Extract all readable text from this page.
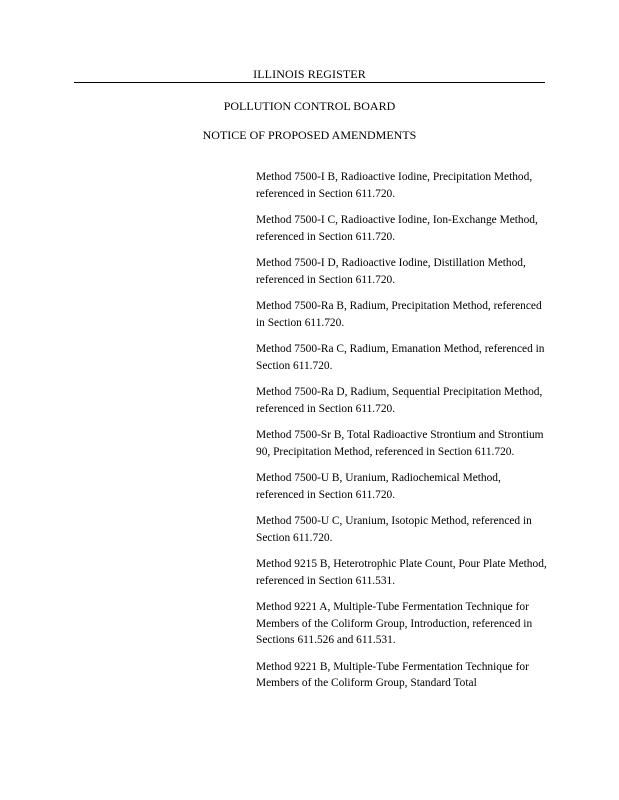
ILLINOIS REGISTER
POLLUTION CONTROL BOARD
NOTICE OF PROPOSED AMENDMENTS
Method 7500-I B, Radioactive Iodine, Precipitation Method, referenced in Section 611.720.
Method 7500-I C, Radioactive Iodine, Ion-Exchange Method, referenced in Section 611.720.
Method 7500-I D, Radioactive Iodine, Distillation Method, referenced in Section 611.720.
Method 7500-Ra B, Radium, Precipitation Method, referenced in Section 611.720.
Method 7500-Ra C, Radium, Emanation Method, referenced in Section 611.720.
Method 7500-Ra D, Radium, Sequential Precipitation Method, referenced in Section 611.720.
Method 7500-Sr B, Total Radioactive Strontium and Strontium 90, Precipitation Method, referenced in Section 611.720.
Method 7500-U B, Uranium, Radiochemical Method, referenced in Section 611.720.
Method 7500-U C, Uranium, Isotopic Method, referenced in Section 611.720.
Method 9215 B, Heterotrophic Plate Count, Pour Plate Method, referenced in Section 611.531.
Method 9221 A, Multiple-Tube Fermentation Technique for Members of the Coliform Group, Introduction, referenced in Sections 611.526 and 611.531.
Method 9221 B, Multiple-Tube Fermentation Technique for Members of the Coliform Group, Standard Total
